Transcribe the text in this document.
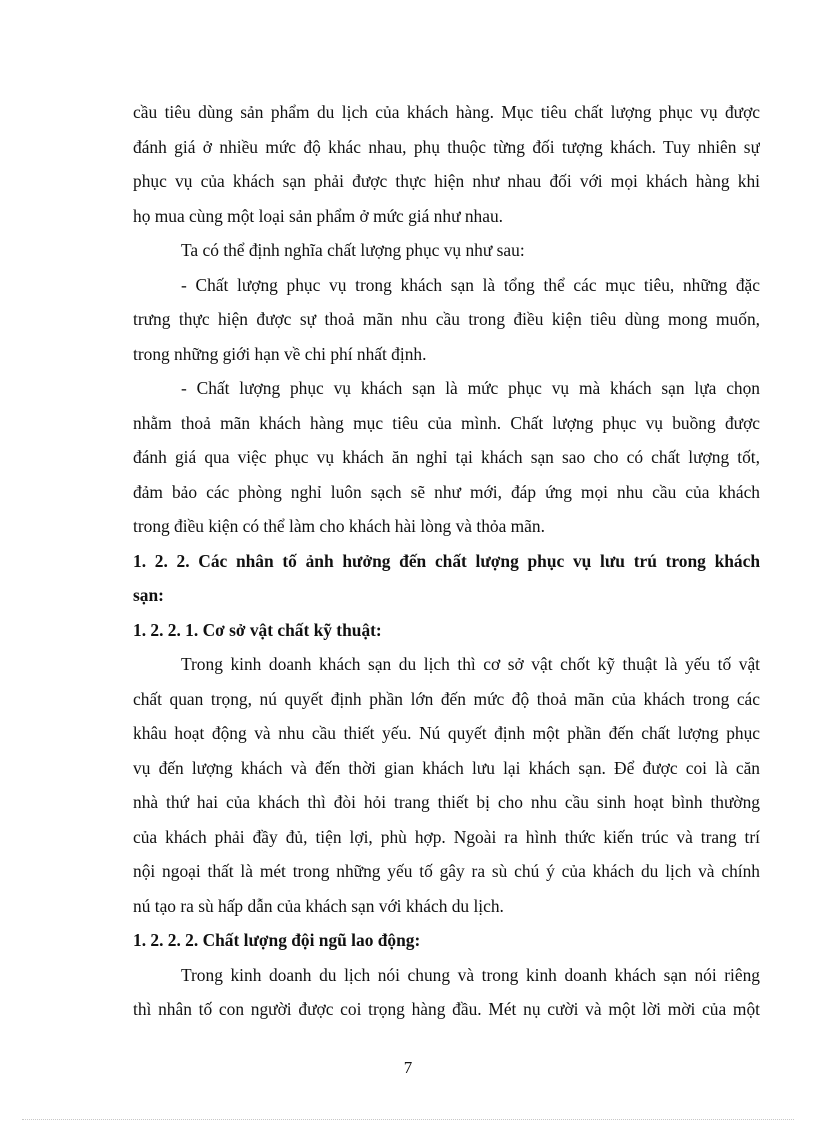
cầu tiêu dùng sản phẩm du lịch của khách hàng. Mục tiêu chất lượng phục vụ được
đánh giá ở nhiều mức độ khác nhau, phụ thuộc từng đối tượng khách. Tuy nhiên sự
phục vụ của khách sạn phải được thực hiện như nhau đối với mọi khách hàng khi
họ mua cùng một loại sản phẩm ở mức giá như nhau.
Ta có thể định nghĩa chất lượng phục vụ như sau:
- Chất lượng phục vụ trong khách sạn là tổng thể các mục tiêu, những đặc
trưng thực hiện được sự thoả mãn nhu cầu trong điều kiện tiêu dùng mong muốn,
trong những giới hạn về chi phí nhất định.
- Chất lượng phục vụ khách sạn là mức phục vụ mà khách sạn lựa chọn
nhằm thoả mãn khách hàng mục tiêu của mình. Chất lượng phục vụ buồng được
đánh giá qua việc phục vụ khách ăn nghỉ tại khách sạn sao cho có chất lượng tốt,
đảm bảo các phòng nghỉ luôn sạch sẽ như mới, đáp ứng mọi nhu cầu của khách
trong điều kiện có thể làm cho khách hài lòng và thỏa mãn.
1. 2. 2. Các nhân tố ảnh hưởng đến chất lượng phục vụ lưu trú trong khách
sạn:
1. 2. 2. 1. Cơ sở vật chất kỹ thuật:
Trong kinh doanh khách sạn du lịch thì cơ sở vật chốt kỹ thuật là yếu tố vật
chất quan trọng, nú quyết định phần lớn đến mức độ thoả mãn của khách trong các
khâu hoạt động và nhu cầu thiết yếu. Nú quyết định một phần đến chất lượng phục
vụ đến lượng khách và đến thời gian khách lưu lại khách sạn. Để được coi là căn
nhà thứ hai của khách thì đòi hỏi trang thiết bị cho nhu cầu sinh hoạt bình thường
của khách phải đầy đủ, tiện lợi, phù hợp. Ngoài ra hình thức kiến trúc và trang trí
nội ngoại thất là mét trong những yếu tố gây ra sù chú ý của khách du lịch và chính
nú tạo ra sù hấp dẫn của khách sạn với khách du lịch.
1. 2. 2. 2. Chất lượng đội ngũ lao động:
Trong kinh doanh du lịch nói chung và trong kinh doanh khách sạn nói riêng
thì nhân tố con người được coi trọng hàng đầu. Mét nụ cười và một lời mời của một
7
